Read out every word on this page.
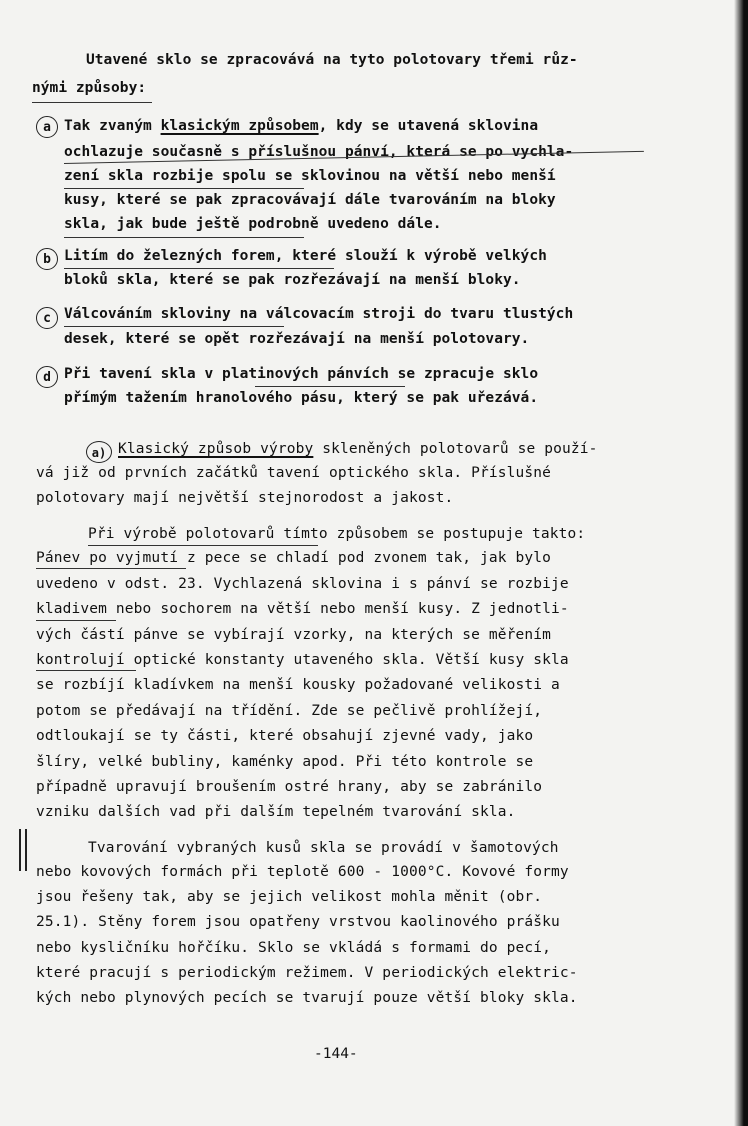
Utavené sklo se zpracovává na tyto polotovary třemi růz-
nými způsoby:
a Tak zvaným klasickým způsobem, kdy se utavená sklovina
ochlazuje současně s příslušnou pánví, která se po vychla-
zení skla rozbije spolu se sklovinou na větší nebo menší
kusy, které se pak zpracovávají dále tvarováním na bloky
skla, jak bude ještě podrobně uvedeno dále.
b Litím do železných forem, které slouží k výrobě velkých
bloků skla, které se pak rozřezávají na menší bloky.
c Válcováním skloviny na válcovacím stroji do tvaru tlustých
desek, které se opět rozřezávají na menší polotovary.
d Při tavení skla v platinových pánvích se zpracuje sklo
přímým tažením hranolového pásu, který se pak uřezává.
a) Klasický způsob výroby skleněných polotovarů se použí-
vá již od prvních začátků tavení optického skla. Příslušné
polotovary mají největší stejnorodost a jakost.
Při výrobě polotovarů tímto způsobem se postupuje takto:
Pánev po vyjmutí z pece se chladí pod zvonem tak, jak bylo
uvedeno v odst. 23. Vychlazená sklovina i s pánví se rozbije
kladivem nebo sochorem na větší nebo menší kusy. Z jednotli-
vých částí pánve se vybírají vzorky, na kterých se měřením
kontrolují optické konstanty utaveného skla. Větší kusy skla
se rozbíjí kladívkem na menší kousky požadované velikosti a
potom se předávají na třídění. Zde se pečlivě prohlížejí,
odtloukají se ty části, které obsahují zjevné vady, jako
šlíry, velké bubliny, kaménky apod. Při této kontrole se
případně upravují broušením ostré hrany, aby se zabránilo
vzniku dalších vad při dalším tepelném tvarování skla.
Tvarování vybraných kusů skla se provádí v šamotových
nebo kovových formách při teplotě 600 - 1000°C. Kovové formy
jsou řešeny tak, aby se jejich velikost mohla měnit (obr.
25.1). Stěny forem jsou opatřeny vrstvou kaolinového prášku
nebo kysličníku hořčíku. Sklo se vkládá s formami do pecí,
které pracují s periodickým režimem. V periodických elektric-
kých nebo plynových pecích se tvarují pouze větší bloky skla.
-144-
